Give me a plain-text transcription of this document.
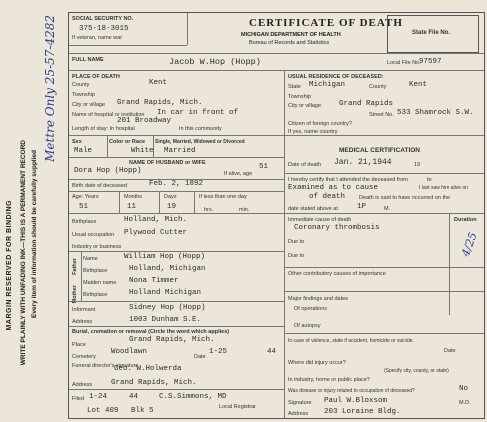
MARGIN RESERVED FOR BINDING WRITE PLAINLY WITH UNFADING INK—THIS IS A PERMANENT RECORD Every item of information should be carefully supplied
Mettre Only 25-57-4282	SOCIAL SECURITY NO.
375-18-3015
If veteran, name war
CERTIFICATE OF DEATH
MICHIGAN DEPARTMENT OF HEALTH
Bureau of Records and Statistics
State File No.
FULL NAME	Jacob W.Hop (Hopp)	Local File No.
97597
PLACE OF DEATH
County	Kent
Township
City or village Grand Rapids, Mich.
Name of hospital or institution In car in front of
201 Broadway
Length of stay: In hospital	In this community
USUAL RESIDENCE OF DECEASED:
State Michigan	County	Kent
Township
City or village Grand Rapids
Street No. 533 Shamrock S.W.
Citizen of foreign country?
If yes, name country
Sex
Male
Color or Race
White
Single, Married, Widowed or Divorced
Married
NAME OF HUSBAND or WIFE
Dora Hop (Hopp)	If alive, age
51
Birth date of deceased	Feb. 2, 1892
Age: Years	Months	Days	If less than one day
51	11	19	hrs.	min.
Birthplace	Holland, Mich.
Usual occupation Plywood Cutter
Industry or business
Father Name	William Hop (Hopp)
Birthplace	Holland, Michigan
Mother
Maiden name Nona Timmer
Birthplace	Holland Michigan
Informant	Sidney Hop (Hopp)
Address	1003 Dunham S.E.
Burial, cremation or removal (Circle the word which applies)
Place
Grand Rapids, Mich.
Cemetery
Woodlawn
Date
1-25	44
Funeral director's signature
Geo. W.Holwerda
Address	Grand Rapids, Mich.
Filed 1-24	44	C.S.Simmons, MD
Local Registrar
Lot 409 Blk 5
MEDICAL CERTIFICATION
Date of death Jan. 21,1944	19
I hereby certify that I attended the deceased from	to
Examined as to cause	I last saw him alive on
of death	Death is said to have occurred on the
date stated above at	1P	M.
Immediate cause of death
Coronary thrombosis
Duration
4/25
Due to
Due to
Other contributory causes of importance
Major findings and dates
Of operations
Of autopsy
In case of violence, state if accident, homicide or suicide.
Date
Where did injury occur?
(Specify city, county, or state)
In industry, home or public place?
Was disease or injury related to occupation of deceased?	No
Signature Paul W.Bloxsom	M.D.
Address 203 Loraine Bldg.
